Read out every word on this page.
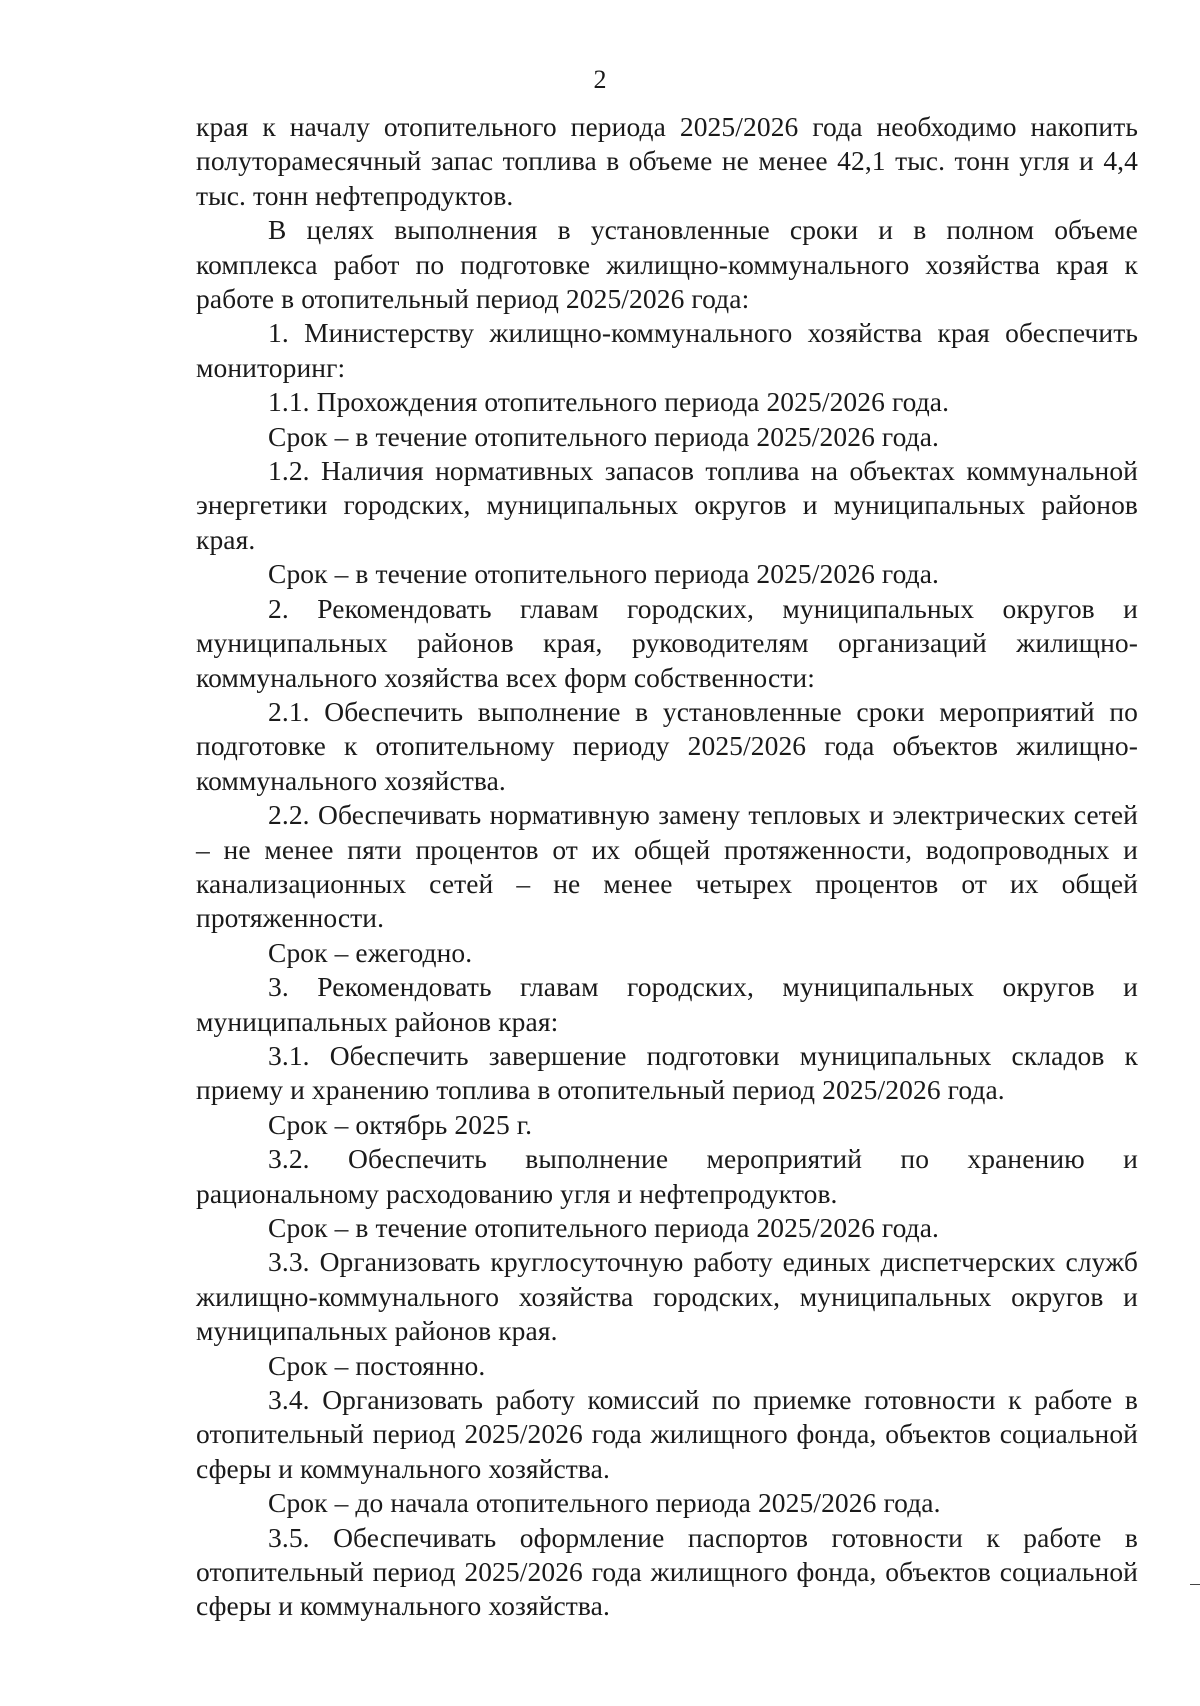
2

края к началу отопительного периода 2025/2026 года необходимо накопить полуторамесячный запас топлива в объеме не менее 42,1 тыс. тонн угля и 4,4 тыс. тонн нефтепродуктов.

В целях выполнения в установленные сроки и в полном объеме комплекса работ по подготовке жилищно-коммунального хозяйства края к работе в отопительный период 2025/2026 года:

1. Министерству жилищно-коммунального хозяйства края обеспечить мониторинг:

1.1. Прохождения отопительного периода 2025/2026 года.

Срок – в течение отопительного периода 2025/2026 года.

1.2. Наличия нормативных запасов топлива на объектах коммунальной энергетики городских, муниципальных округов и муниципальных районов края.

Срок – в течение отопительного периода 2025/2026 года.

2. Рекомендовать главам городских, муниципальных округов и муниципальных районов края, руководителям организаций жилищно-коммунального хозяйства всех форм собственности:

2.1. Обеспечить выполнение в установленные сроки мероприятий по подготовке к отопительному периоду 2025/2026 года объектов жилищно-коммунального хозяйства.

2.2. Обеспечивать нормативную замену тепловых и электрических сетей – не менее пяти процентов от их общей протяженности, водопроводных и канализационных сетей – не менее четырех процентов от их общей протяженности.

Срок – ежегодно.

3. Рекомендовать главам городских, муниципальных округов и муниципальных районов края:

3.1. Обеспечить завершение подготовки муниципальных складов к приему и хранению топлива в отопительный период 2025/2026 года.

Срок – октябрь 2025 г.

3.2. Обеспечить выполнение мероприятий по хранению и рациональному расходованию угля и нефтепродуктов.

Срок – в течение отопительного периода 2025/2026 года.

3.3. Организовать круглосуточную работу единых диспетчерских служб жилищно-коммунального хозяйства городских, муниципальных округов и муниципальных районов края.

Срок – постоянно.

3.4. Организовать работу комиссий по приемке готовности к работе в отопительный период 2025/2026 года жилищного фонда, объектов социальной сферы и коммунального хозяйства.

Срок – до начала отопительного периода 2025/2026 года.

3.5. Обеспечивать оформление паспортов готовности к работе в отопительный период 2025/2026 года жилищного фонда, объектов социальной сферы и коммунального хозяйства.
